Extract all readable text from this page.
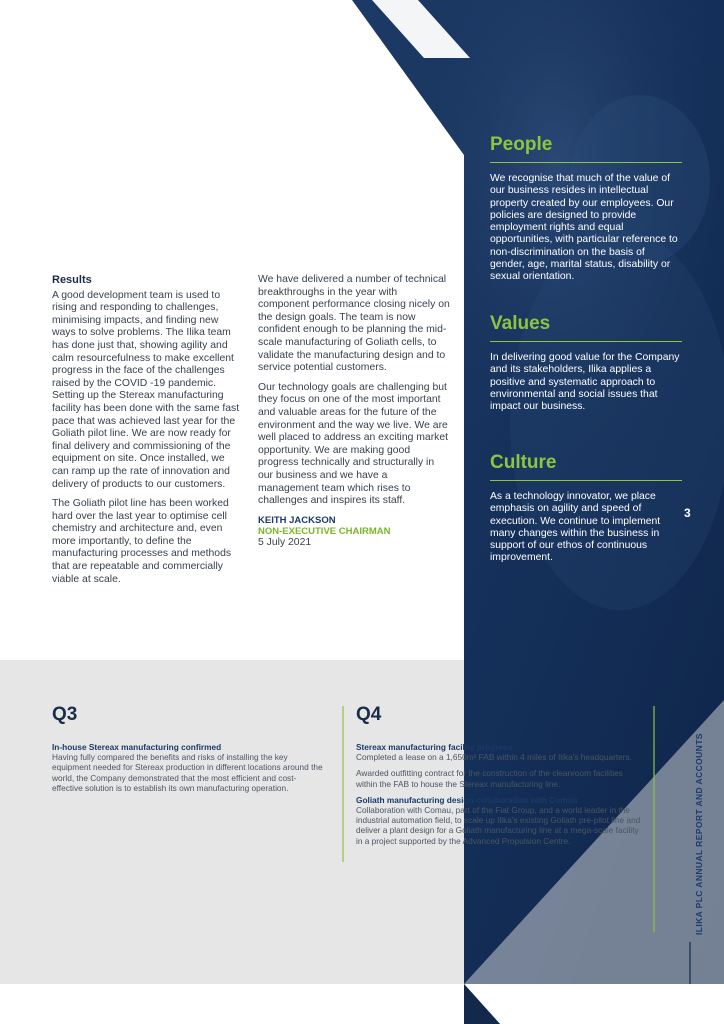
Results

A good development team is used to rising and responding to challenges, minimising impacts, and finding new ways to solve problems. The Ilika team has done just that, showing agility and calm resourcefulness to make excellent progress in the face of the challenges raised by the COVID -19 pandemic. Setting up the Stereax manufacturing facility has been done with the same fast pace that was achieved last year for the Goliath pilot line. We are now ready for final delivery and commissioning of the equipment on site. Once installed, we can ramp up the rate of innovation and delivery of products to our customers.

The Goliath pilot line has been worked hard over the last year to optimise cell chemistry and architecture and, even more importantly, to define the manufacturing processes and methods that are repeatable and commercially viable at scale.

We have delivered a number of technical breakthroughs in the year with component performance closing nicely on the design goals. The team is now confident enough to be planning the mid-scale manufacturing of Goliath cells, to validate the manufacturing design and to service potential customers.

Our technology goals are challenging but they focus on one of the most important and valuable areas for the future of the environment and the way we live. We are well placed to address an exciting market opportunity. We are making good progress technically and structurally in our business and we have a management team which rises to challenges and inspires its staff.

KEITH JACKSON
NON-EXECUTIVE CHAIRMAN
5 July 2021
People

We recognise that much of the value of our business resides in intellectual property created by our employees. Our policies are designed to provide employment rights and equal opportunities, with particular reference to non-discrimination on the basis of gender, age, marital status, disability or sexual orientation.

Values

In delivering good value for the Company and its stakeholders, Ilika applies a positive and systematic approach to environmental and social issues that impact our business.

Culture

As a technology innovator, we place emphasis on agility and speed of execution. We continue to implement many changes within the business in support of our ethos of continuous improvement.

3
ILIKA PLC ANNUAL REPORT AND ACCOUNTS
Q3
In-house Stereax manufacturing confirmed

Having fully compared the benefits and risks of installing the key equipment needed for Stereax production in different locations around the world, the Company demonstrated that the most efficient and cost-effective solution is to establish its own manufacturing operation.

Q4
Stereax manufacturing facility progress

Completed a lease on a 1,650m² FAB within 4 miles of Ilika's headquarters.

Awarded outfitting contract for the construction of the cleanroom facilities within the FAB to house the Stereax manufacturing line.

Goliath manufacturing design collaboration with Comau

Collaboration with Comau, part of the Fiat Group, and a world leader in the industrial automation field, to scale up Ilika's existing Goliath pre-pilot line and deliver a plant design for a Goliath manufacturing line at a mega-scale facility in a project supported by the Advanced Propulsion Centre.
